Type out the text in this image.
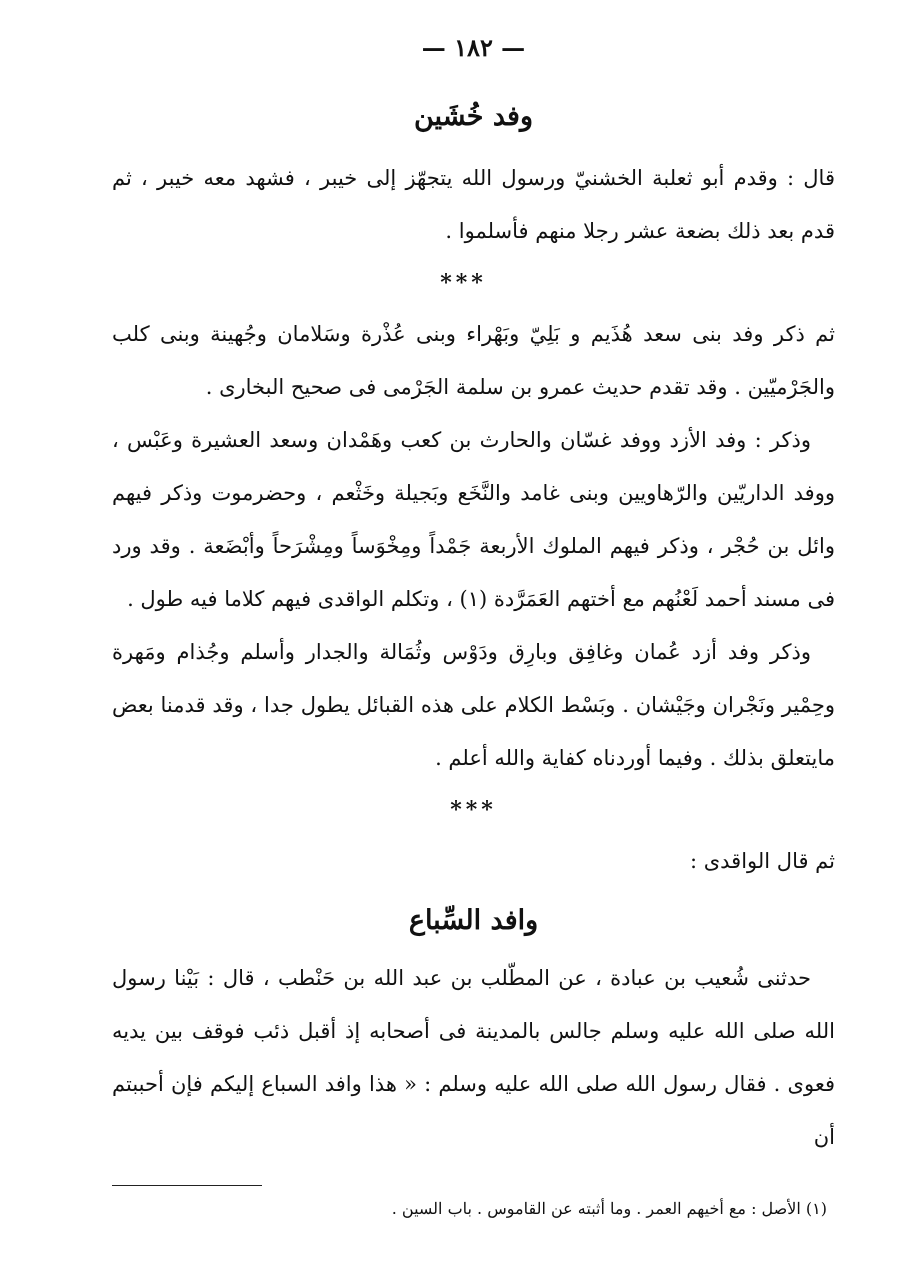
— ١٨٢ —
وفد خُشَين

قال : وقدم أبو ثعلبة الخشنيّ ورسول الله يتجهّز إلى خيبر ، فشهد معه خيبر ، ثم قدم بعد ذلك بضعة عشر رجلا منهم فأسلموا .

***

ثم ذكر وفد بنى سعد هُذَيم و بَلِيّ وبَهْراء وبنى عُذْرة وسَلامان وجُهينة وبنى كلب والجَرْميّين . وقد تقدم حديث عمرو بن سلمة الجَرْمى فى صحيح البخارى .

وذكر : وفد الأزد ووفد غسّان والحارث بن كعب وهَمْدان وسعد العشيرة وعَبْس ، ووفد الداريّين والرّهاويين وبنى غامد والنَّخَع وبَجيلة وخَثْعم ، وحضرموت وذكر فيهم وائل بن حُجْر ، وذكر فيهم الملوك الأربعة جَمْداً ومِخْوَساً ومِشْرَحاً وأبْضَعة . وقد ورد فى مسند أحمد لَعْنُهم مع أختهم العَمَرَّدة (١) ، وتكلم الواقدى فيهم كلاما فيه طول .

وذكر وفد أزد عُمان وغافِق وبارِق ودَوْس وثُمَالة والجدار وأسلم وجُذام ومَهرة وحِمْير ونَجْران وجَيْشان . وبَسْط الكلام على هذه القبائل يطول جدا ، وقد قدمنا بعض مايتعلق بذلك . وفيما أوردناه كفاية والله أعلم .

***

ثم قال الواقدى :

وافد السِّباع

حدثنى شُعيب بن عبادة ، عن المطّلب بن عبد الله بن حَنْطب ، قال : بَيْنا رسول الله صلى الله عليه وسلم جالس بالمدينة فى أصحابه إذ أقبل ذئب فوقف بين يديه فعوى . فقال رسول الله صلى الله عليه وسلم : « هذا وافد السباع إليكم فإن أحببتم أن

(١) الأصل : مع أخيهم العمر . وما أثبته عن القاموس . باب السين .
